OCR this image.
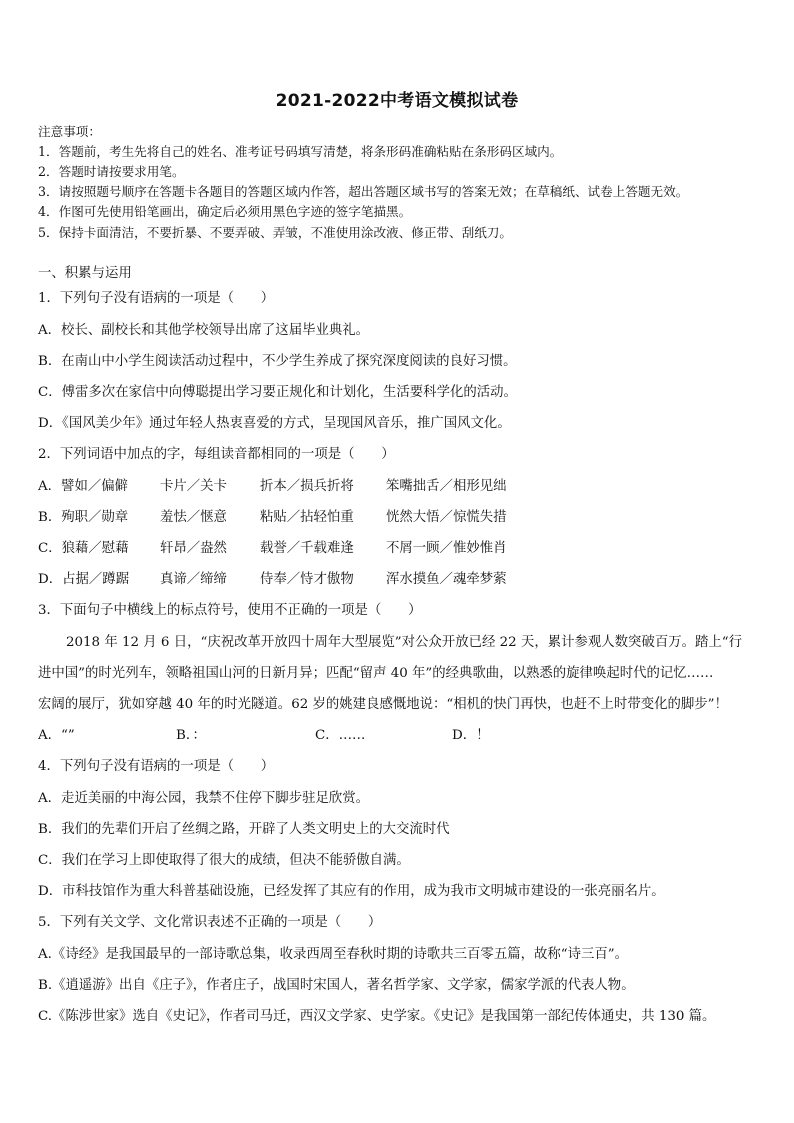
2021-2022中考语文模拟试卷
注意事项：
1．答题前，考生先将自己的姓名、准考证号码填写清楚，将条形码准确粘贴在条形码区域内。
2．答题时请按要求用笔。
3．请按照题号顺序在答题卡各题目的答题区域内作答，超出答题区域书写的答案无效；在草稿纸、试卷上答题无效。
4．作图可先使用铅笔画出，确定后必须用黑色字迹的签字笔描黑。
5．保持卡面清洁，不要折暴、不要弄破、弄皱，不准使用涂改液、修正带、刮纸刀。
一、积累与运用
1．下列句子没有语病的一项是（　　）
A．校长、副校长和其他学校领导出席了这届毕业典礼。
B．在南山中小学生阅读活动过程中，不少学生养成了探究深度阅读的良好习惯。
C．傅雷多次在家信中向傅聪提出学习要正规化和计划化，生活要科学化的活动。
D．《国风美少年》通过年轻人热衷喜爱的方式，呈现国风音乐，推广国风文化。
2．下列词语中加点的字，每组读音都相同的一项是（　　）
A．譬如／偏僻 卡片／关卡 折本／损兵折将 笨嘴拙舌／相形见绌
B．殉职／勋章 羞怯／惬意 粘贴／拈轻怕重 恍然大悟／惊慌失措
C．狼藉／慰藉 轩昂／盎然 载誉／千载难逢 不屑一顾／惟妙惟肖
D．占据／蹲踞 真谛／缔缔 侍奉／恃才傲物 浑水摸鱼／魂牵梦萦
3．下面句子中横线上的标点符号，使用不正确的一项是（　　）
2018 年 12 月 6 日，“庆祝改革开放四十周年大型展览”对公众开放已经 22 天，累计参观人数突破百万。踏上“行
进中国”的时光列车，领略祖国山河的日新月异；匹配“留声 40 年”的经典歌曲，以熟悉的旋律唤起时代的记忆……
宏阔的展厅，犹如穿越 40 年的时光隧道。62 岁的姚建良感慨地说：“相机的快门再快，也赶不上时带变化的脚步”！
A．“”	B．：	C．……	D．！
4．下列句子没有语病的一项是（　　）
A．走近美丽的中海公园，我禁不住停下脚步驻足欣赏。
B．我们的先辈们开启了丝绸之路，开辟了人类文明史上的大交流时代
C．我们在学习上即使取得了很大的成绩，但决不能骄傲自满。
D．市科技馆作为重大科普基础设施，已经发挥了其应有的作用，成为我市文明城市建设的一张亮丽名片。
5．下列有关文学、文化常识表述不正确的一项是（　　）
A.《诗经》是我国最早的一部诗歌总集，收录西周至春秋时期的诗歌共三百零五篇，故称“诗三百”。
B.《逍遥游》出自《庄子》，作者庄子，战国时宋国人，著名哲学家、文学家，儒家学派的代表人物。
C.《陈涉世家》选自《史记》，作者司马迁，西汉文学家、史学家。《史记》是我国第一部纪传体通史，共 130 篇。
